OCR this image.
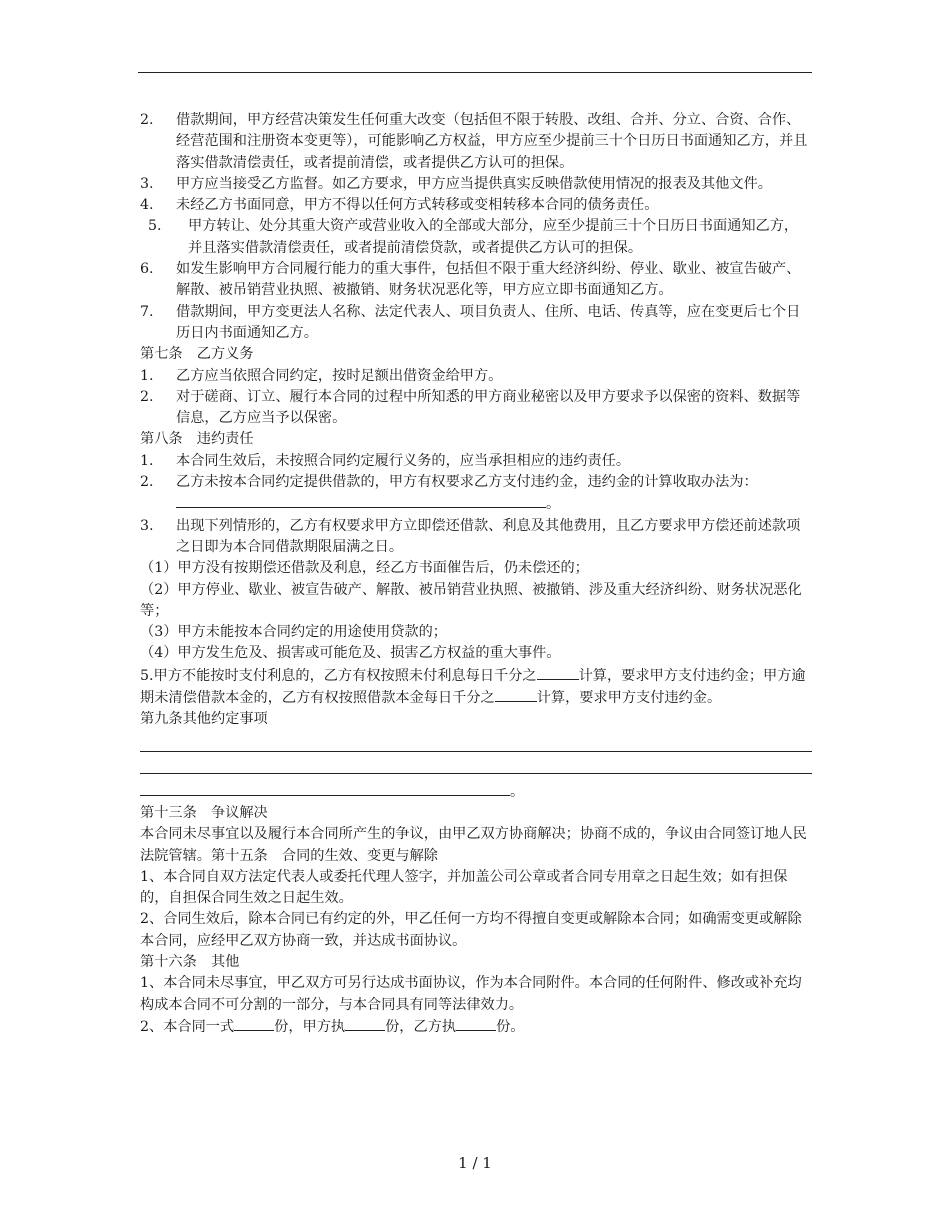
2. 借款期间，甲方经营决策发生任何重大改变（包括但不限于转股、改组、合并、分立、合资、合作、经营范围和注册资本变更等），可能影响乙方权益，甲方应至少提前三十个日历日书面通知乙方，并且落实借款清偿责任，或者提前清偿，或者提供乙方认可的担保。
3. 甲方应当接受乙方监督。如乙方要求，甲方应当提供真实反映借款使用情况的报表及其他文件。
4. 未经乙方书面同意，甲方不得以任何方式转移或变相转移本合同的债务责任。
5. 甲方转让、处分其重大资产或营业收入的全部或大部分，应至少提前三十个日历日书面通知乙方，并且落实借款清偿责任，或者提前清偿贷款，或者提供乙方认可的担保。
6. 如发生影响甲方合同履行能力的重大事件，包括但不限于重大经济纠纷、停业、歇业、被宣告破产、解散、被吊销营业执照、被撤销、财务状况恶化等，甲方应立即书面通知乙方。
7. 借款期间，甲方变更法人名称、法定代表人、项目负责人、住所、电话、传真等，应在变更后七个日历日内书面通知乙方。
第七条　乙方义务
1. 乙方应当依照合同约定，按时足额出借资金给甲方。
2. 对于磋商、订立、履行本合同的过程中所知悉的甲方商业秘密以及甲方要求予以保密的资料、数据等信息，乙方应当予以保密。
第八条　违约责任
1. 本合同生效后，未按照合同约定履行义务的，应当承担相应的违约责任。
2. 乙方未按本合同约定提供借款的，甲方有权要求乙方支付违约金，违约金的计算收取办法为：。
3. 出现下列情形的，乙方有权要求甲方立即偿还借款、利息及其他费用，且乙方要求甲方偿还前述款项之日即为本合同借款期限届满之日。
（1）甲方没有按期偿还借款及利息，经乙方书面催告后，仍未偿还的；
（2）甲方停业、歇业、被宣告破产、解散、被吊销营业执照、被撤销、涉及重大经济纠纷、财务状况恶化等；
（3）甲方未能按本合同约定的用途使用贷款的；
（4）甲方发生危及、损害或可能危及、损害乙方权益的重大事件。
5.甲方不能按时支付利息的，乙方有权按照未付利息每日千分之	计算，要求甲方支付违约金；甲方逾期未清偿借款本金的，乙方有权按照借款本金每日千分之	计算，要求甲方支付违约金。
第九条其他约定事项
。
第十三条　争议解决
本合同未尽事宜以及履行本合同所产生的争议，由甲乙双方协商解决；协商不成的，争议由合同签订地人民法院管辖。第十五条　合同的生效、变更与解除
1、本合同自双方法定代表人或委托代理人签字，并加盖公司公章或者合同专用章之日起生效；如有担保的，自担保合同生效之日起生效。
2、合同生效后，除本合同已有约定的外，甲乙任何一方均不得擅自变更或解除本合同；如确需变更或解除本合同，应经甲乙双方协商一致，并达成书面协议。
第十六条　其他
1、本合同未尽事宜，甲乙双方可另行达成书面协议，作为本合同附件。本合同的任何附件、修改或补充均构成本合同不可分割的一部分，与本合同具有同等法律效力。
2、本合同一式	份，甲方执	份，乙方执	份。
1 / 1
